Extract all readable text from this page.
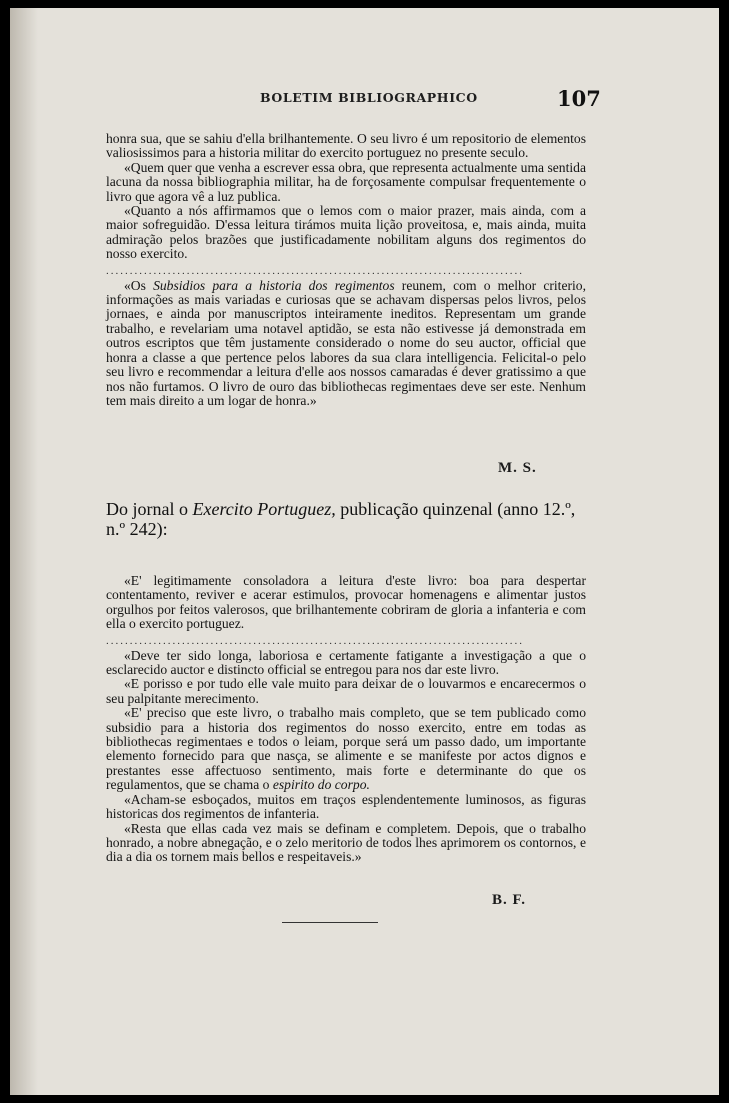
BOLETIM BIBLIOGRAPHICO	107

honra sua, que se sahiu d'ella brilhantemente. O seu livro é um repositorio de elementos valiosissimos para a historia militar do exercito portuguez no presente seculo.

«Quem quer que venha a escrever essa obra, que representa actualmente uma sentida lacuna da nossa bibliographia militar, ha de forçosamente compulsar frequentemente o livro que agora vê a luz publica.

«Quanto a nós affirmamos que o lemos com o maior prazer, mais ainda, com a maior sofreguidão. D'essa leitura tirámos muita lição proveitosa, e, mais ainda, muita admiração pelos brazões que justificadamente nobilitam alguns dos regimentos do nosso exercito.

........................................................................................

«Os Subsidios para a historia dos regimentos reunem, com o melhor criterio, informações as mais variadas e curiosas que se achavam dispersas pelos livros, pelos jornaes, e ainda por manuscriptos inteiramente ineditos. Representam um grande trabalho, e revelariam uma notavel aptidão, se esta não estivesse já demonstrada em outros escriptos que têm justamente considerado o nome do seu auctor, official que honra a classe a que pertence pelos labores da sua clara intelligencia. Felicital-o pelo seu livro e recommendar a leitura d'elle aos nossos camaradas é dever gratissimo a que nos não furtamos. O livro de ouro das bibliothecas regimentaes deve ser este. Nenhum tem mais direito a um logar de honra.»

M. S.
Do jornal o Exercito Portuguez, publicação quinzenal (anno 12.º, n.º 242):

«E' legitimamente consoladora a leitura d'este livro: boa para despertar contentamento, reviver e acerar estimulos, provocar homenagens e alimentar justos orgulhos por feitos valerosos, que brilhantemente cobriram de gloria a infanteria e com ella o exercito portuguez.

........................................................................................

«Deve ter sido longa, laboriosa e certamente fatigante a investigação a que o esclarecido auctor e distincto official se entregou para nos dar este livro.

«E porisso e por tudo elle vale muito para deixar de o louvarmos e encarecermos o seu palpitante merecimento.

«E' preciso que este livro, o trabalho mais completo, que se tem publicado como subsidio para a historia dos regimentos do nosso exercito, entre em todas as bibliothecas regimentaes e todos o leiam, porque será um passo dado, um importante elemento fornecido para que nasça, se alimente e se manifeste por actos dignos e prestantes esse affectuoso sentimento, mais forte e determinante do que os regulamentos, que se chama o espirito do corpo.

«Acham-se esboçados, muitos em traços esplendentemente luminosos, as figuras historicas dos regimentos de infanteria.

«Resta que ellas cada vez mais se definam e completem. Depois, que o trabalho honrado, a nobre abnegação, e o zelo meritorio de todos lhes aprimorem os contornos, e dia a dia os tornem mais bellos e respeitaveis.»

B. F.
